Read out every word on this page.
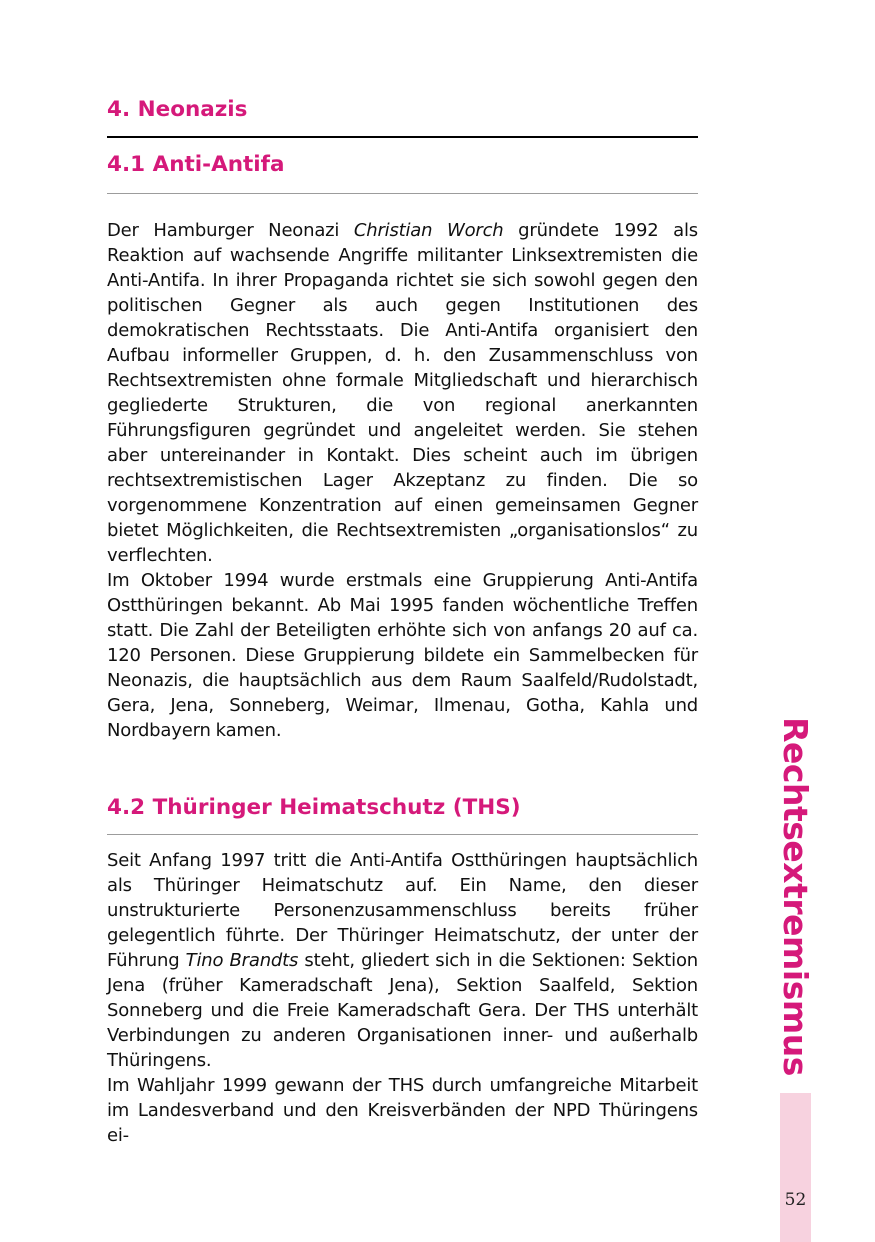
4. Neonazis
4.1 Anti-Antifa

Der Hamburger Neonazi Christian Worch gründete 1992 als Reaktion auf wachsende Angriffe militanter Linksextremisten die Anti-Antifa. In ihrer Propaganda richtet sie sich sowohl gegen den politischen Gegner als auch gegen Institutionen des demokratischen Rechtsstaats. Die Anti-Antifa organisiert den Aufbau informeller Gruppen, d. h. den Zusammenschluss von Rechtsextremisten ohne formale Mitgliedschaft und hierarchisch gegliederte Strukturen, die von regional anerkannten Führungsfiguren gegründet und angeleitet werden. Sie stehen aber untereinander in Kontakt. Dies scheint auch im übrigen rechtsextremistischen Lager Akzeptanz zu finden. Die so vorgenommene Konzentration auf einen gemeinsamen Gegner bietet Möglichkeiten, die Rechtsextremisten „organisationslos“ zu verflechten.

Im Oktober 1994 wurde erstmals eine Gruppierung Anti-Antifa Ostthüringen bekannt. Ab Mai 1995 fanden wöchentliche Treffen statt. Die Zahl der Beteiligten erhöhte sich von anfangs 20 auf ca. 120 Personen. Diese Gruppierung bildete ein Sammelbecken für Neonazis, die hauptsächlich aus dem Raum Saalfeld/Rudolstadt, Gera, Jena, Sonneberg, Weimar, Ilmenau, Gotha, Kahla und Nordbayern kamen.

4.2 Thüringer Heimatschutz (THS)

Seit Anfang 1997 tritt die Anti-Antifa Ostthüringen hauptsächlich als Thüringer Heimatschutz auf. Ein Name, den dieser unstrukturierte Personenzusammenschluss bereits früher gelegentlich führte. Der Thüringer Heimatschutz, der unter der Führung Tino Brandts steht, gliedert sich in die Sektionen: Sektion Jena (früher Kameradschaft Jena), Sektion Saalfeld, Sektion Sonneberg und die Freie Kameradschaft Gera. Der THS unterhält Verbindungen zu anderen Organisationen inner- und außerhalb Thüringens.

Im Wahljahr 1999 gewann der THS durch umfangreiche Mitarbeit im Landesverband und den Kreisverbänden der NPD Thüringens ei-

Rechtsextremismus
52
